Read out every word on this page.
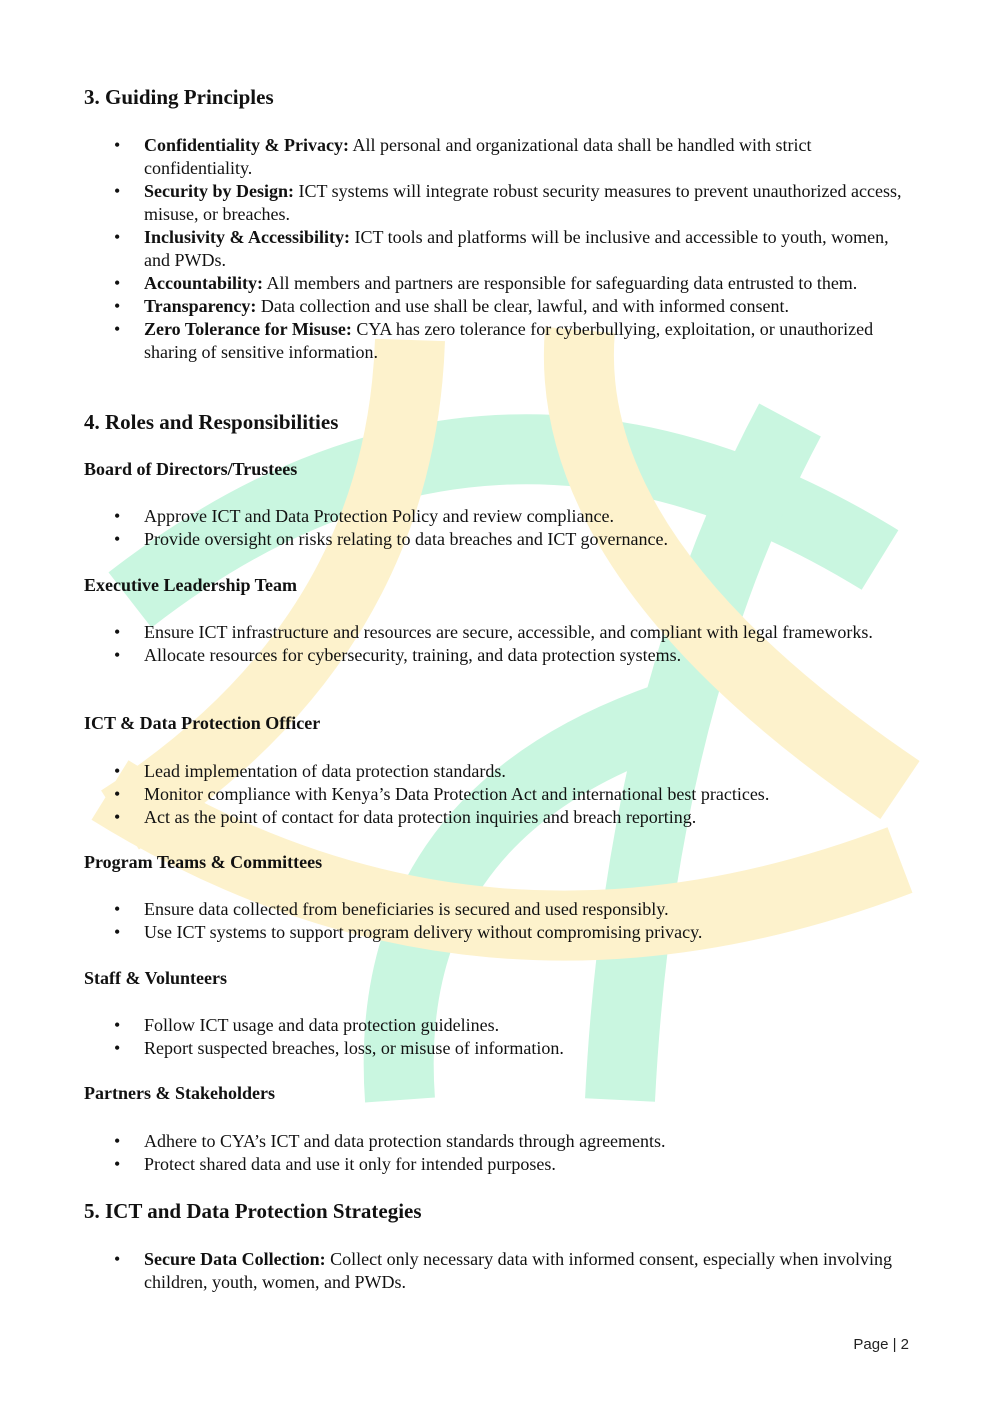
3. Guiding Principles
• Confidentiality & Privacy: All personal and organizational data shall be handled with strict confidentiality.
• Security by Design: ICT systems will integrate robust security measures to prevent unauthorized access, misuse, or breaches.
• Inclusivity & Accessibility: ICT tools and platforms will be inclusive and accessible to youth, women, and PWDs.
• Accountability: All members and partners are responsible for safeguarding data entrusted to them.
• Transparency: Data collection and use shall be clear, lawful, and with informed consent.
• Zero Tolerance for Misuse: CYA has zero tolerance for cyberbullying, exploitation, or unauthorized sharing of sensitive information.
4. Roles and Responsibilities
Board of Directors/Trustees
• Approve ICT and Data Protection Policy and review compliance.
• Provide oversight on risks relating to data breaches and ICT governance.
Executive Leadership Team
• Ensure ICT infrastructure and resources are secure, accessible, and compliant with legal frameworks.
• Allocate resources for cybersecurity, training, and data protection systems.
ICT & Data Protection Officer
• Lead implementation of data protection standards.
• Monitor compliance with Kenya’s Data Protection Act and international best practices.
• Act as the point of contact for data protection inquiries and breach reporting.
Program Teams & Committees
• Ensure data collected from beneficiaries is secured and used responsibly.
• Use ICT systems to support program delivery without compromising privacy.
Staff & Volunteers
• Follow ICT usage and data protection guidelines.
• Report suspected breaches, loss, or misuse of information.
Partners & Stakeholders
• Adhere to CYA’s ICT and data protection standards through agreements.
• Protect shared data and use it only for intended purposes.
5. ICT and Data Protection Strategies
• Secure Data Collection: Collect only necessary data with informed consent, especially when involving children, youth, women, and PWDs.
Page | 2
